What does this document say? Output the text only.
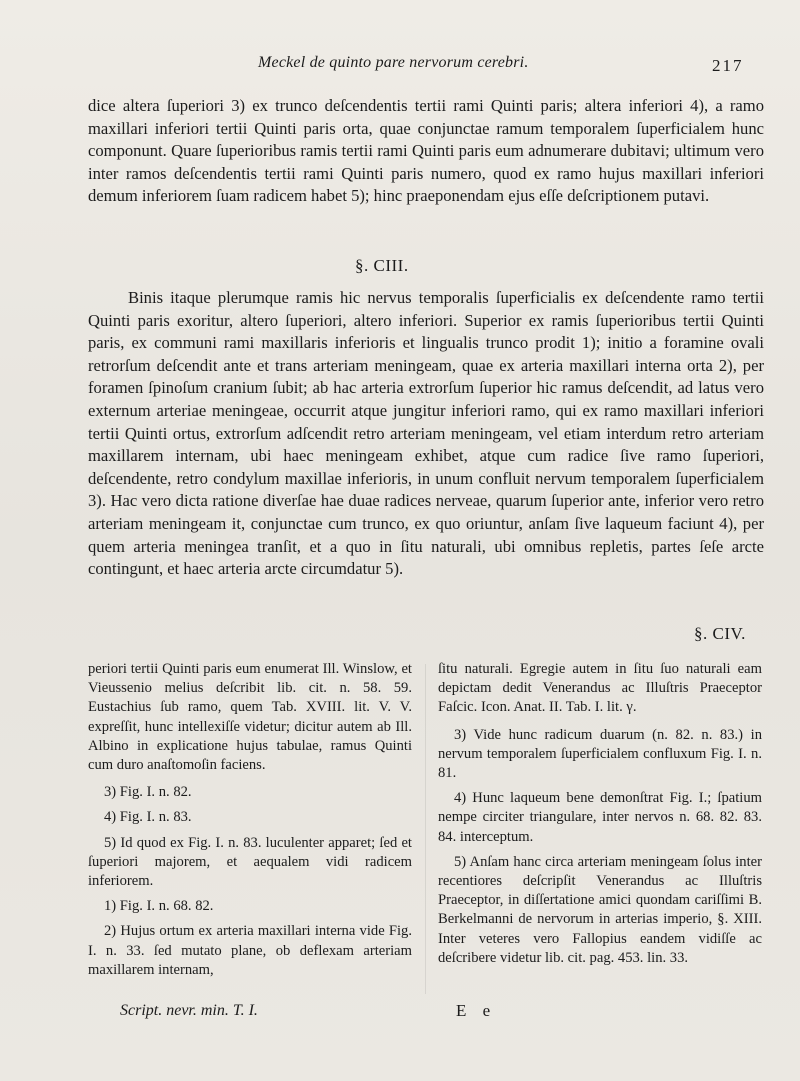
Meckel de quinto pare nervorum cerebri.	217
dice altera ſuperiori 3) ex trunco deſcendentis tertii rami Quinti paris; altera inferiori 4), a ramo maxillari inferiori tertii Quinti paris orta, quae conjunctae ramum temporalem ſuperficialem hunc componunt. Quare ſuperioribus ramis tertii rami Quinti paris eum adnumerare dubitavi; ultimum vero inter ramos deſcendentis tertii rami Quinti paris numero, quod ex ramo hujus maxillari inferiori demum inferiorem ſuam radicem habet 5); hinc praeponendam ejus eſſe deſcriptionem putavi.
§. CIII.
Binis itaque plerumque ramis hic nervus temporalis ſuperficialis ex deſcendente ramo tertii Quinti paris exoritur, altero ſuperiori, altero inferiori. Superior ex ramis ſuperioribus tertii Quinti paris, ex communi rami maxillaris inferioris et lingualis trunco prodit 1); initio a foramine ovali retrorſum deſcendit ante et trans arteriam meningeam, quae ex arteria maxillari interna orta 2), per foramen ſpinoſum cranium ſubit; ab hac arteria extrorſum ſuperior hic ramus deſcendit, ad latus vero externum arteriae meningeae, occurrit atque jungitur inferiori ramo, qui ex ramo maxillari inferiori tertii Quinti ortus, extrorſum adſcendit retro arteriam meningeam, vel etiam interdum retro arteriam maxillarem internam, ubi haec meningeam exhibet, atque cum radice ſive ramo ſuperiori, deſcendente, retro condylum maxillae inferioris, in unum confluit nervum temporalem ſuperficialem 3). Hac vero dicta ratione diverſae hae duae radices nerveae, quarum ſuperior ante, inferior vero retro arteriam meningeam it, conjunctae cum trunco, ex quo oriuntur, anſam ſive laqueum faciunt 4), per quem arteria meningea tranſit, et a quo in ſitu naturali, ubi omnibus repletis, partes ſeſe arcte contingunt, et haec arteria arcte circumdatur 5).
§. CIV.

periori tertii Quinti paris eum enumerat Ill. Winslow, et Vieussenio melius deſcribit lib. cit. n. 58. 59. Eustachius ſub ramo, quem Tab. XVIII. lit. V. V. expreſſit, hunc intellexiſſe videtur; dicitur autem ab Ill. Albino in explicatione hujus tabulae, ramus Quinti cum duro anaſtomoſin faciens.

3) Fig. I. n. 82.

4) Fig. I. n. 83.

5) Id quod ex Fig. I. n. 83. luculenter apparet; ſed et ſuperiori majorem, et aequalem vidi radicem inferiorem.

1) Fig. I. n. 68. 82.

2) Hujus ortum ex arteria maxillari interna vide Fig. I. n. 33. ſed mutato plane, ob deflexam arteriam maxillarem internam,

ſitu naturali. Egregie autem in ſitu ſuo naturali eam depictam dedit Venerandus ac Illuſtris Praeceptor Faſcic. Icon. Anat. II. Tab. I. lit. γ.

3) Vide hunc radicum duarum (n. 82. n. 83.) in nervum temporalem ſuperficialem confluxum Fig. I. n. 81.

4) Hunc laqueum bene demonſtrat Fig. I.; ſpatium nempe circiter triangulare, inter nervos n. 68. 82. 83. 84. interceptum.

5) Anſam hanc circa arteriam meningeam ſolus inter recentiores deſcripſit Venerandus ac Illuſtris Praeceptor, in diſſertatione amici quondam cariſſimi B. Berkelmanni de nervorum in arterias imperio, §. XIII. Inter veteres vero Fallopius eandem vidiſſe ac deſcribere videtur lib. cit. pag. 453. lin. 33.

Script. nevr. min. T. I.	E e
